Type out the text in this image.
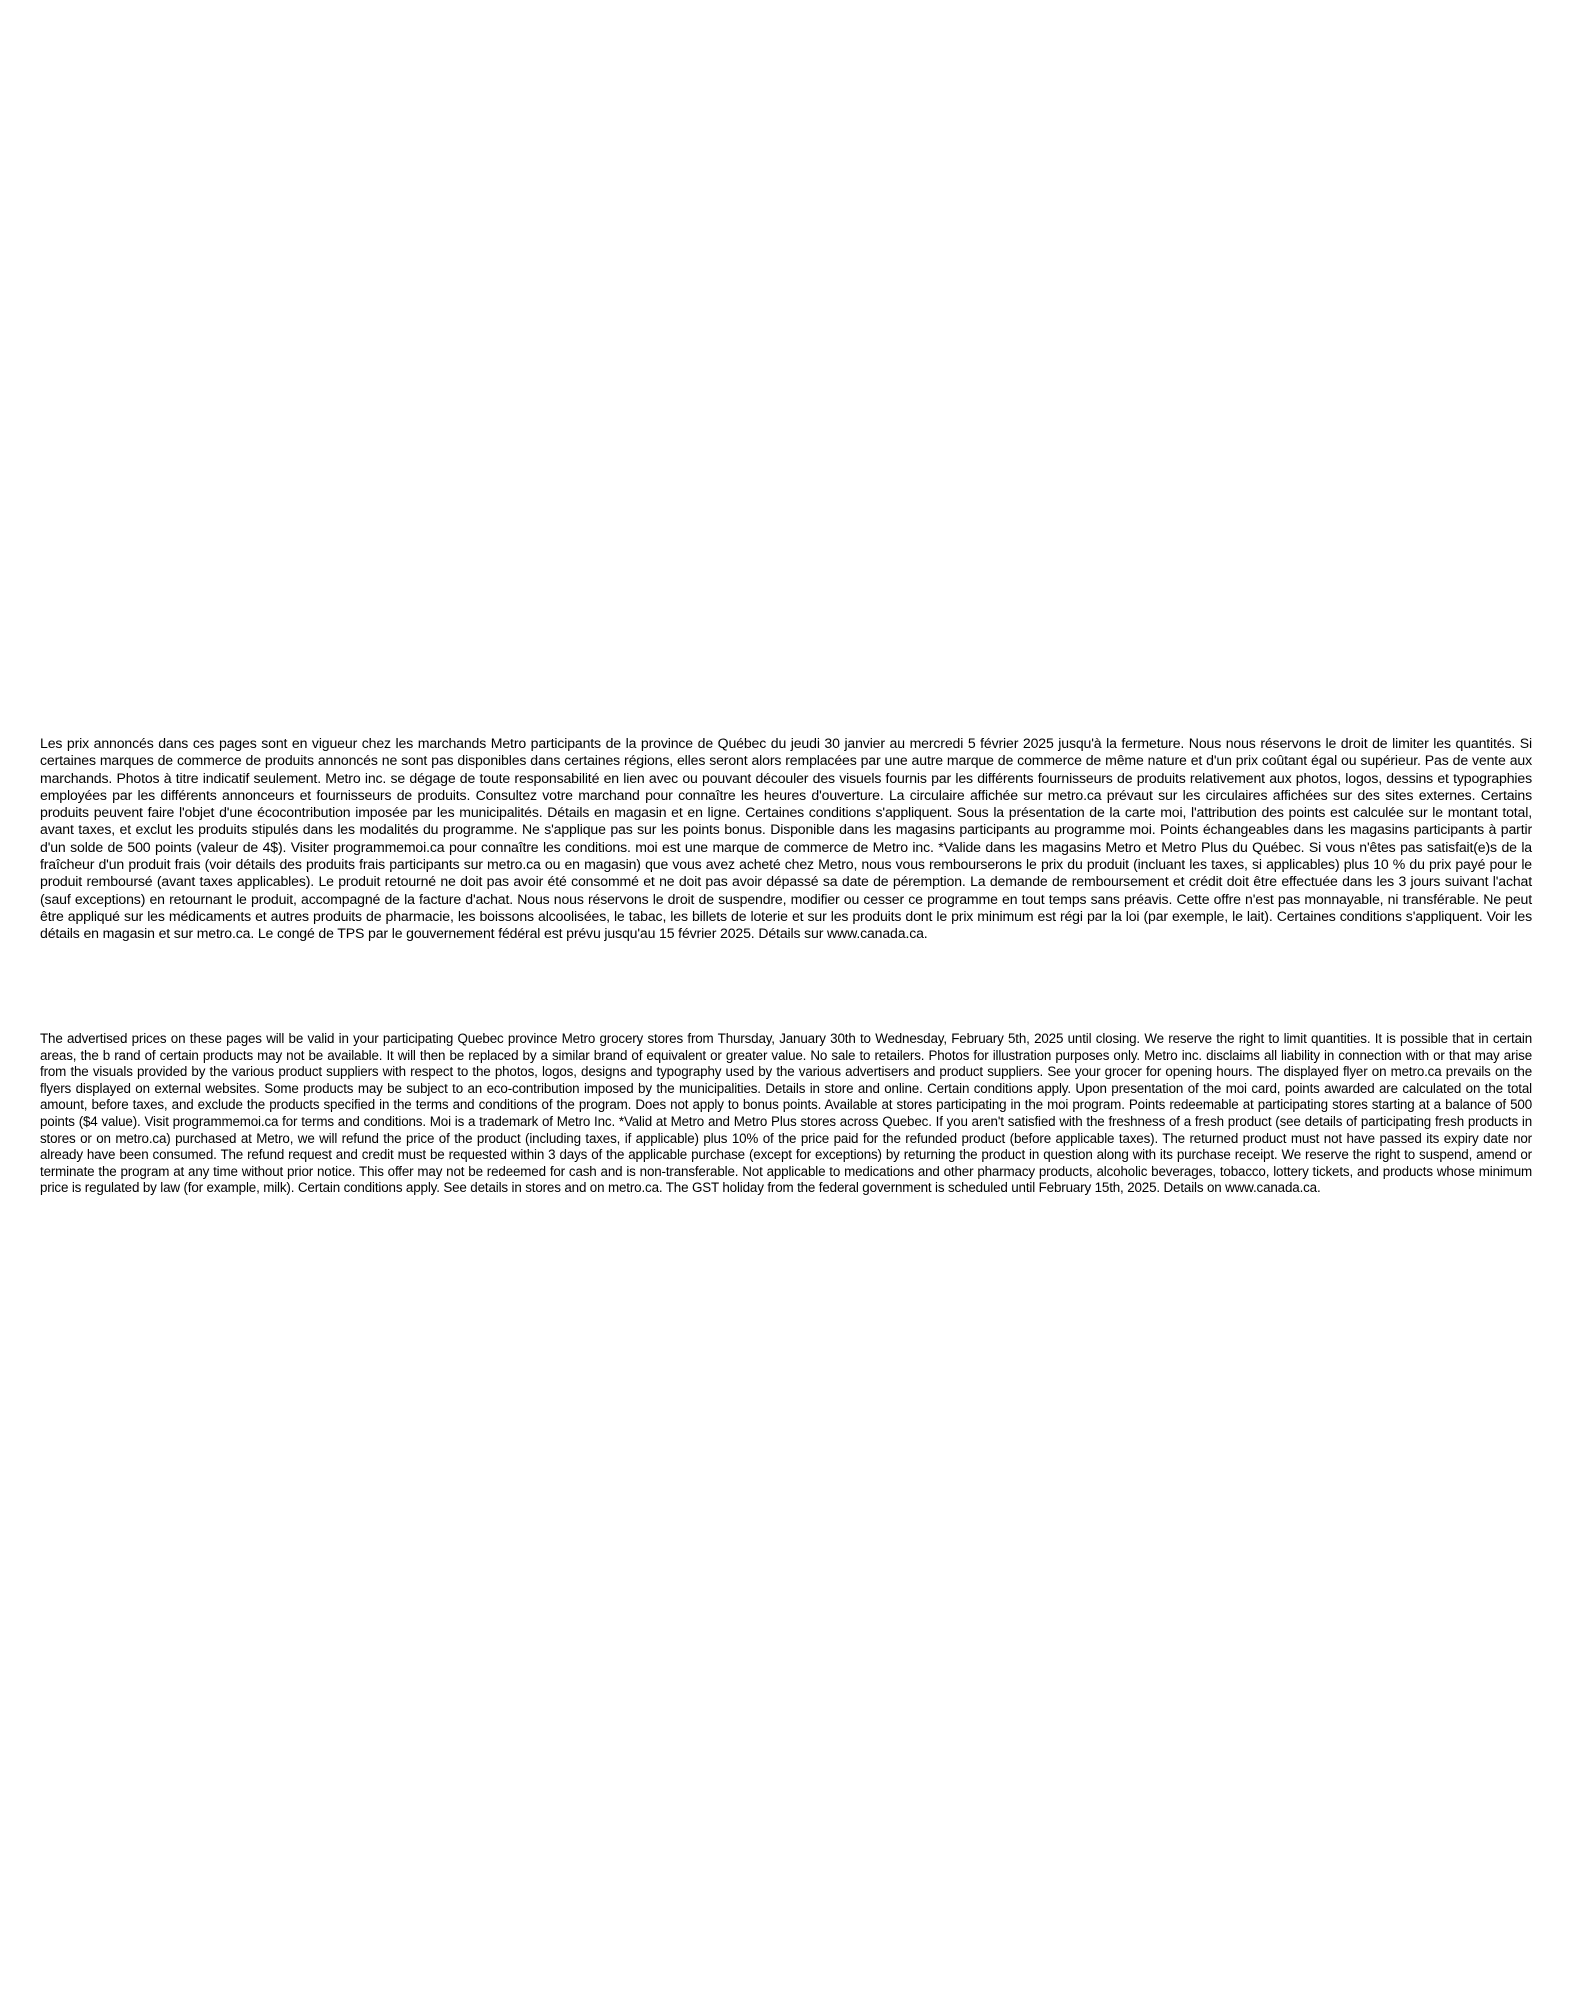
Les prix annoncés dans ces pages sont en vigueur chez les marchands Metro participants de la province de Québec du jeudi 30 janvier au mercredi 5 février 2025 jusqu'à la fermeture. Nous nous réservons le droit de limiter les quantités. Si certaines marques de commerce de produits annoncés ne sont pas disponibles dans certaines régions, elles seront alors remplacées par une autre marque de commerce de même nature et d'un prix coûtant égal ou supérieur. Pas de vente aux marchands. Photos à titre indicatif seulement. Metro inc. se dégage de toute responsabilité en lien avec ou pouvant découler des visuels fournis par les différents fournisseurs de produits relativement aux photos, logos, dessins et typographies employées par les différents annonceurs et fournisseurs de produits. Consultez votre marchand pour connaître les heures d'ouverture. La circulaire affichée sur metro.ca prévaut sur les circulaires affichées sur des sites externes. Certains produits peuvent faire l'objet d'une écocontribution imposée par les municipalités. Détails en magasin et en ligne. Certaines conditions s'appliquent. Sous la présentation de la carte moi, l'attribution des points est calculée sur le montant total, avant taxes, et exclut les produits stipulés dans les modalités du programme. Ne s'applique pas sur les points bonus. Disponible dans les magasins participants au programme moi. Points échangeables dans les magasins participants à partir d'un solde de 500 points (valeur de 4$). Visiter programmemoi.ca pour connaître les conditions. moi est une marque de commerce de Metro inc. *Valide dans les magasins Metro et Metro Plus du Québec. Si vous n'êtes pas satisfait(e)s de la fraîcheur d'un produit frais (voir détails des produits frais participants sur metro.ca ou en magasin) que vous avez acheté chez Metro, nous vous rembourserons le prix du produit (incluant les taxes, si applicables) plus 10 % du prix payé pour le produit remboursé (avant taxes applicables). Le produit retourné ne doit pas avoir été consommé et ne doit pas avoir dépassé sa date de péremption. La demande de remboursement et crédit doit être effectuée dans les 3 jours suivant l'achat (sauf exceptions) en retournant le produit, accompagné de la facture d'achat. Nous nous réservons le droit de suspendre, modifier ou cesser ce programme en tout temps sans préavis. Cette offre n'est pas monnayable, ni transférable. Ne peut être appliqué sur les médicaments et autres produits de pharmacie, les boissons alcoolisées, le tabac, les billets de loterie et sur les produits dont le prix minimum est régi par la loi (par exemple, le lait). Certaines conditions s'appliquent. Voir les détails en magasin et sur metro.ca. Le congé de TPS par le gouvernement fédéral est prévu jusqu'au 15 février 2025. Détails sur www.canada.ca.

The advertised prices on these pages will be valid in your participating Quebec province Metro grocery stores from Thursday, January 30th to Wednesday, February 5th, 2025 until closing. We reserve the right to limit quantities. It is possible that in certain areas, the b rand of certain products may not be available. It will then be replaced by a similar brand of equivalent or greater value. No sale to retailers. Photos for illustration purposes only. Metro inc. disclaims all liability in connection with or that may arise from the visuals provided by the various product suppliers with respect to the photos, logos, designs and typography used by the various advertisers and product suppliers. See your grocer for opening hours. The displayed flyer on metro.ca prevails on the flyers displayed on external websites. Some products may be subject to an eco-contribution imposed by the municipalities. Details in store and online. Certain conditions apply. Upon presentation of the moi card, points awarded are calculated on the total amount, before taxes, and exclude the products specified in the terms and conditions of the program. Does not apply to bonus points. Available at stores participating in the moi program. Points redeemable at participating stores starting at a balance of 500 points ($4 value). Visit programmemoi.ca for terms and conditions. Moi is a trademark of Metro Inc. *Valid at Metro and Metro Plus stores across Quebec. If you aren't satisfied with the freshness of a fresh product (see details of participating fresh products in stores or on metro.ca) purchased at Metro, we will refund the price of the product (including taxes, if applicable) plus 10% of the price paid for the refunded product (before applicable taxes). The returned product must not have passed its expiry date nor already have been consumed. The refund request and credit must be requested within 3 days of the applicable purchase (except for exceptions) by returning the product in question along with its purchase receipt. We reserve the right to suspend, amend or terminate the program at any time without prior notice. This offer may not be redeemed for cash and is non-transferable. Not applicable to medications and other pharmacy products, alcoholic beverages, tobacco, lottery tickets, and products whose minimum price is regulated by law (for example, milk). Certain conditions apply. See details in stores and on metro.ca. The GST holiday from the federal government is scheduled until February 15th, 2025. Details on www.canada.ca.
